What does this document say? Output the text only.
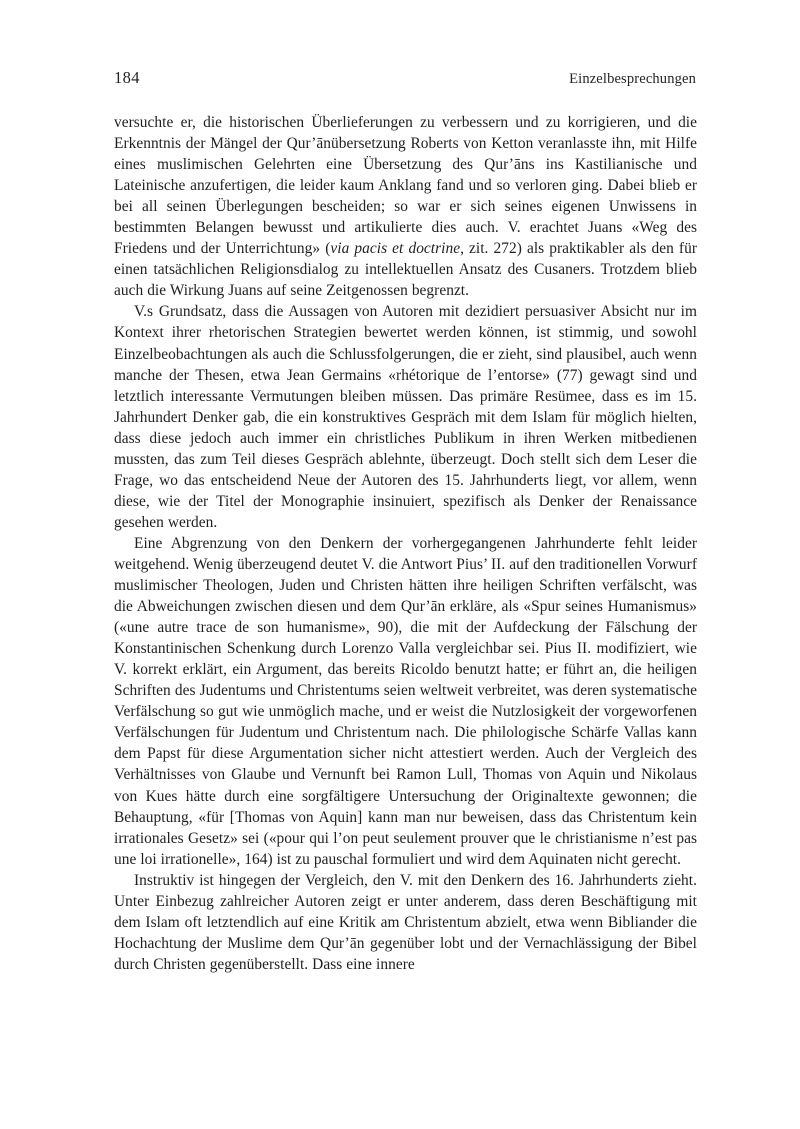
184	Einzelbesprechungen

versuchte er, die historischen Überlieferungen zu verbessern und zu korrigieren, und die Erkenntnis der Mängel der Qur’ānübersetzung Roberts von Ketton veranlasste ihn, mit Hilfe eines muslimischen Gelehrten eine Übersetzung des Qur’āns ins Kastilianische und Lateinische anzufertigen, die leider kaum Anklang fand und so verloren ging. Dabei blieb er bei all seinen Überlegungen bescheiden; so war er sich seines eigenen Unwissens in bestimmten Belangen bewusst und artikulierte dies auch. V. erachtet Juans «Weg des Friedens und der Unterrichtung» (via pacis et doctrine, zit. 272) als praktikabler als den für einen tatsächlichen Religionsdialog zu intellektuellen Ansatz des Cusaners. Trotzdem blieb auch die Wirkung Juans auf seine Zeitgenossen begrenzt.

V.s Grundsatz, dass die Aussagen von Autoren mit dezidiert persuasiver Absicht nur im Kontext ihrer rhetorischen Strategien bewertet werden können, ist stimmig, und sowohl Einzelbeobachtungen als auch die Schlussfolgerungen, die er zieht, sind plausibel, auch wenn manche der Thesen, etwa Jean Germains «rhétorique de l’entorse» (77) gewagt sind und letztlich interessante Vermutungen bleiben müssen. Das primäre Resümee, dass es im 15. Jahrhundert Denker gab, die ein konstruktives Gespräch mit dem Islam für möglich hielten, dass diese jedoch auch immer ein christliches Publikum in ihren Werken mitbedienen mussten, das zum Teil dieses Gespräch ablehnte, überzeugt. Doch stellt sich dem Leser die Frage, wo das entscheidend Neue der Autoren des 15. Jahrhunderts liegt, vor allem, wenn diese, wie der Titel der Monographie insinuiert, spezifisch als Denker der Renaissance gesehen werden.

Eine Abgrenzung von den Denkern der vorhergegangenen Jahrhunderte fehlt leider weitgehend. Wenig überzeugend deutet V. die Antwort Pius’ II. auf den traditionellen Vorwurf muslimischer Theologen, Juden und Christen hätten ihre heiligen Schriften verfälscht, was die Abweichungen zwischen diesen und dem Qur’ān erkläre, als «Spur seines Humanismus» («une autre trace de son humanisme», 90), die mit der Aufdeckung der Fälschung der Konstantinischen Schenkung durch Lorenzo Valla vergleichbar sei. Pius II. modifiziert, wie V. korrekt erklärt, ein Argument, das bereits Ricoldo benutzt hatte; er führt an, die heiligen Schriften des Judentums und Christentums seien weltweit verbreitet, was deren systematische Verfälschung so gut wie unmöglich mache, und er weist die Nutzlosigkeit der vorgeworfenen Verfälschungen für Judentum und Christentum nach. Die philologische Schärfe Vallas kann dem Papst für diese Argumentation sicher nicht attestiert werden. Auch der Vergleich des Verhältnisses von Glaube und Vernunft bei Ramon Lull, Thomas von Aquin und Nikolaus von Kues hätte durch eine sorgfältigere Untersuchung der Originaltexte gewonnen; die Behauptung, «für [Thomas von Aquin] kann man nur beweisen, dass das Christentum kein irrationales Gesetz» sei («pour qui l’on peut seulement prouver que le christianisme n’est pas une loi irrationelle», 164) ist zu pauschal formuliert und wird dem Aquinaten nicht gerecht.

Instruktiv ist hingegen der Vergleich, den V. mit den Denkern des 16. Jahrhunderts zieht. Unter Einbezug zahlreicher Autoren zeigt er unter anderem, dass deren Beschäftigung mit dem Islam oft letztendlich auf eine Kritik am Christentum abzielt, etwa wenn Bibliander die Hochachtung der Muslime dem Qur’ān gegenüber lobt und der Vernachlässigung der Bibel durch Christen gegenüberstellt. Dass eine innere
